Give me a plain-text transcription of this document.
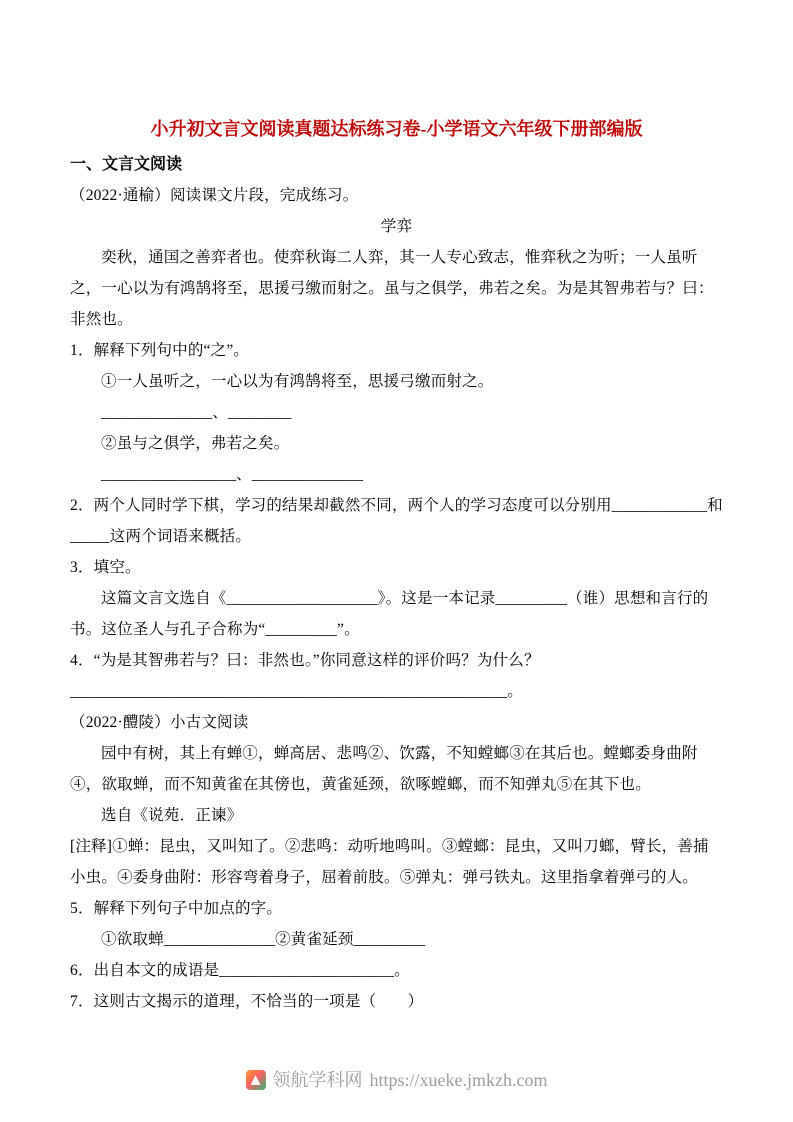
小升初文言文阅读真题达标练习卷-小学语文六年级下册部编版
一、文言文阅读

（2022·通榆）阅读课文片段，完成练习。

学弈

奕秋，通国之善弈者也。使弈秋诲二人弈，其一人专心致志，惟弈秋之为听；一人虽听之，一心以为有鸿鹄将至，思援弓缴而射之。虽与之俱学，弗若之矣。为是其智弗若与？曰：非然也。

1．解释下列句中的“之”。

①一人虽听之，一心以为有鸿鹄将至，思援弓缴而射之。

______________、________

②虽与之俱学，弗若之矣。

_________________、______________

2．两个人同时学下棋，学习的结果却截然不同，两个人的学习态度可以分别用____________和_____这两个词语来概括。

3．填空。

这篇文言文选自《___________________》。这是一本记录_________（谁）思想和言行的书。这位圣人与孔子合称为“_________”。

4．“为是其智弗若与？曰：非然也。”你同意这样的评价吗？为什么？

_______________________________________________________。

（2022·醴陵）小古文阅读

园中有树，其上有蝉①，蝉高居、悲鸣②、饮露，不知螳螂③在其后也。螳螂委身曲附④，欲取蝉，而不知黄雀在其傍也，黄雀延颈，欲啄螳螂，而不知弹丸⑤在其下也。

选自《说苑．正谏》

[注释]①蝉：昆虫，又叫知了。②悲鸣：动听地鸣叫。③螳螂：昆虫，又叫刀螂，臂长，善捕小虫。④委身曲附：形容弯着身子，屈着前肢。⑤弹丸：弹弓铁丸。这里指拿着弹弓的人。

5．解释下列句子中加点的字。

①欲取蝉______________②黄雀延颈_________

6．出自本文的成语是______________________。

7．这则古文揭示的道理，不恰当的一项是（　　）

领航学科网 https://xueke.jmkzh.com
